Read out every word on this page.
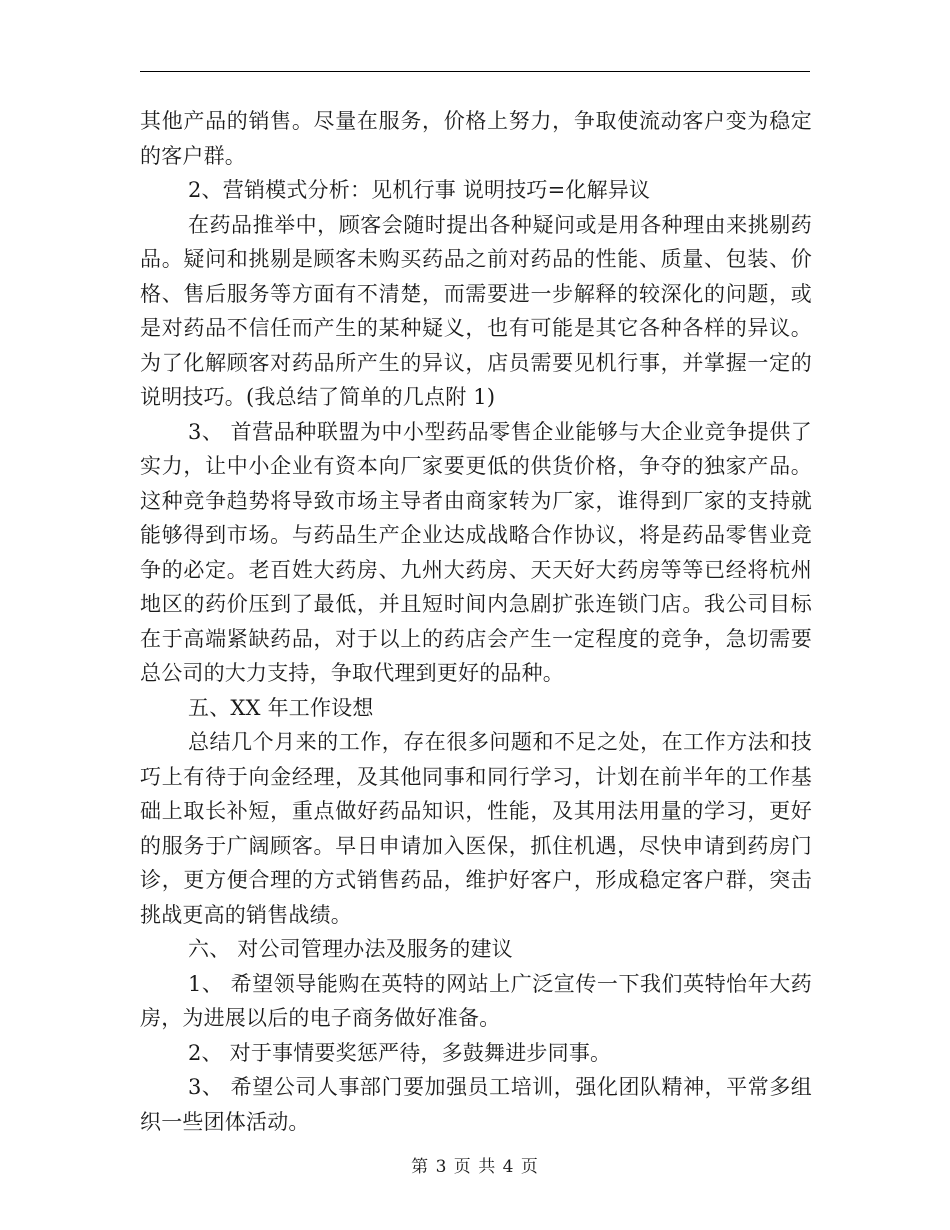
其他产品的销售。尽量在服务，价格上努力，争取使流动客户变为稳定的客户群。

2、营销模式分析：见机行事 说明技巧=化解异议

在药品推举中，顾客会随时提出各种疑问或是用各种理由来挑剔药品。疑问和挑剔是顾客未购买药品之前对药品的性能、质量、包装、价格、售后服务等方面有不清楚，而需要进一步解释的较深化的问题，或是对药品不信任而产生的某种疑义，也有可能是其它各种各样的异议。为了化解顾客对药品所产生的异议，店员需要见机行事，并掌握一定的说明技巧。(我总结了简单的几点附 1)

3、 首营品种联盟为中小型药品零售企业能够与大企业竞争提供了实力，让中小企业有资本向厂家要更低的供货价格，争夺的独家产品。这种竞争趋势将导致市场主导者由商家转为厂家，谁得到厂家的支持就能够得到市场。与药品生产企业达成战略合作协议，将是药品零售业竞争的必定。老百姓大药房、九州大药房、天天好大药房等等已经将杭州地区的药价压到了最低，并且短时间内急剧扩张连锁门店。我公司目标在于高端紧缺药品，对于以上的药店会产生一定程度的竞争，急切需要总公司的大力支持，争取代理到更好的品种。

五、XX 年工作设想

总结几个月来的工作，存在很多问题和不足之处，在工作方法和技巧上有待于向金经理，及其他同事和同行学习，计划在前半年的工作基础上取长补短，重点做好药品知识，性能，及其用法用量的学习，更好的服务于广阔顾客。早日申请加入医保，抓住机遇，尽快申请到药房门诊，更方便合理的方式销售药品，维护好客户，形成稳定客户群，突击挑战更高的销售战绩。

六、 对公司管理办法及服务的建议

1、 希望领导能购在英特的网站上广泛宣传一下我们英特怡年大药房，为进展以后的电子商务做好准备。

2、 对于事情要奖惩严待，多鼓舞进步同事。

3、 希望公司人事部门要加强员工培训，强化团队精神，平常多组织一些团体活动。

第 3 页 共 4 页
